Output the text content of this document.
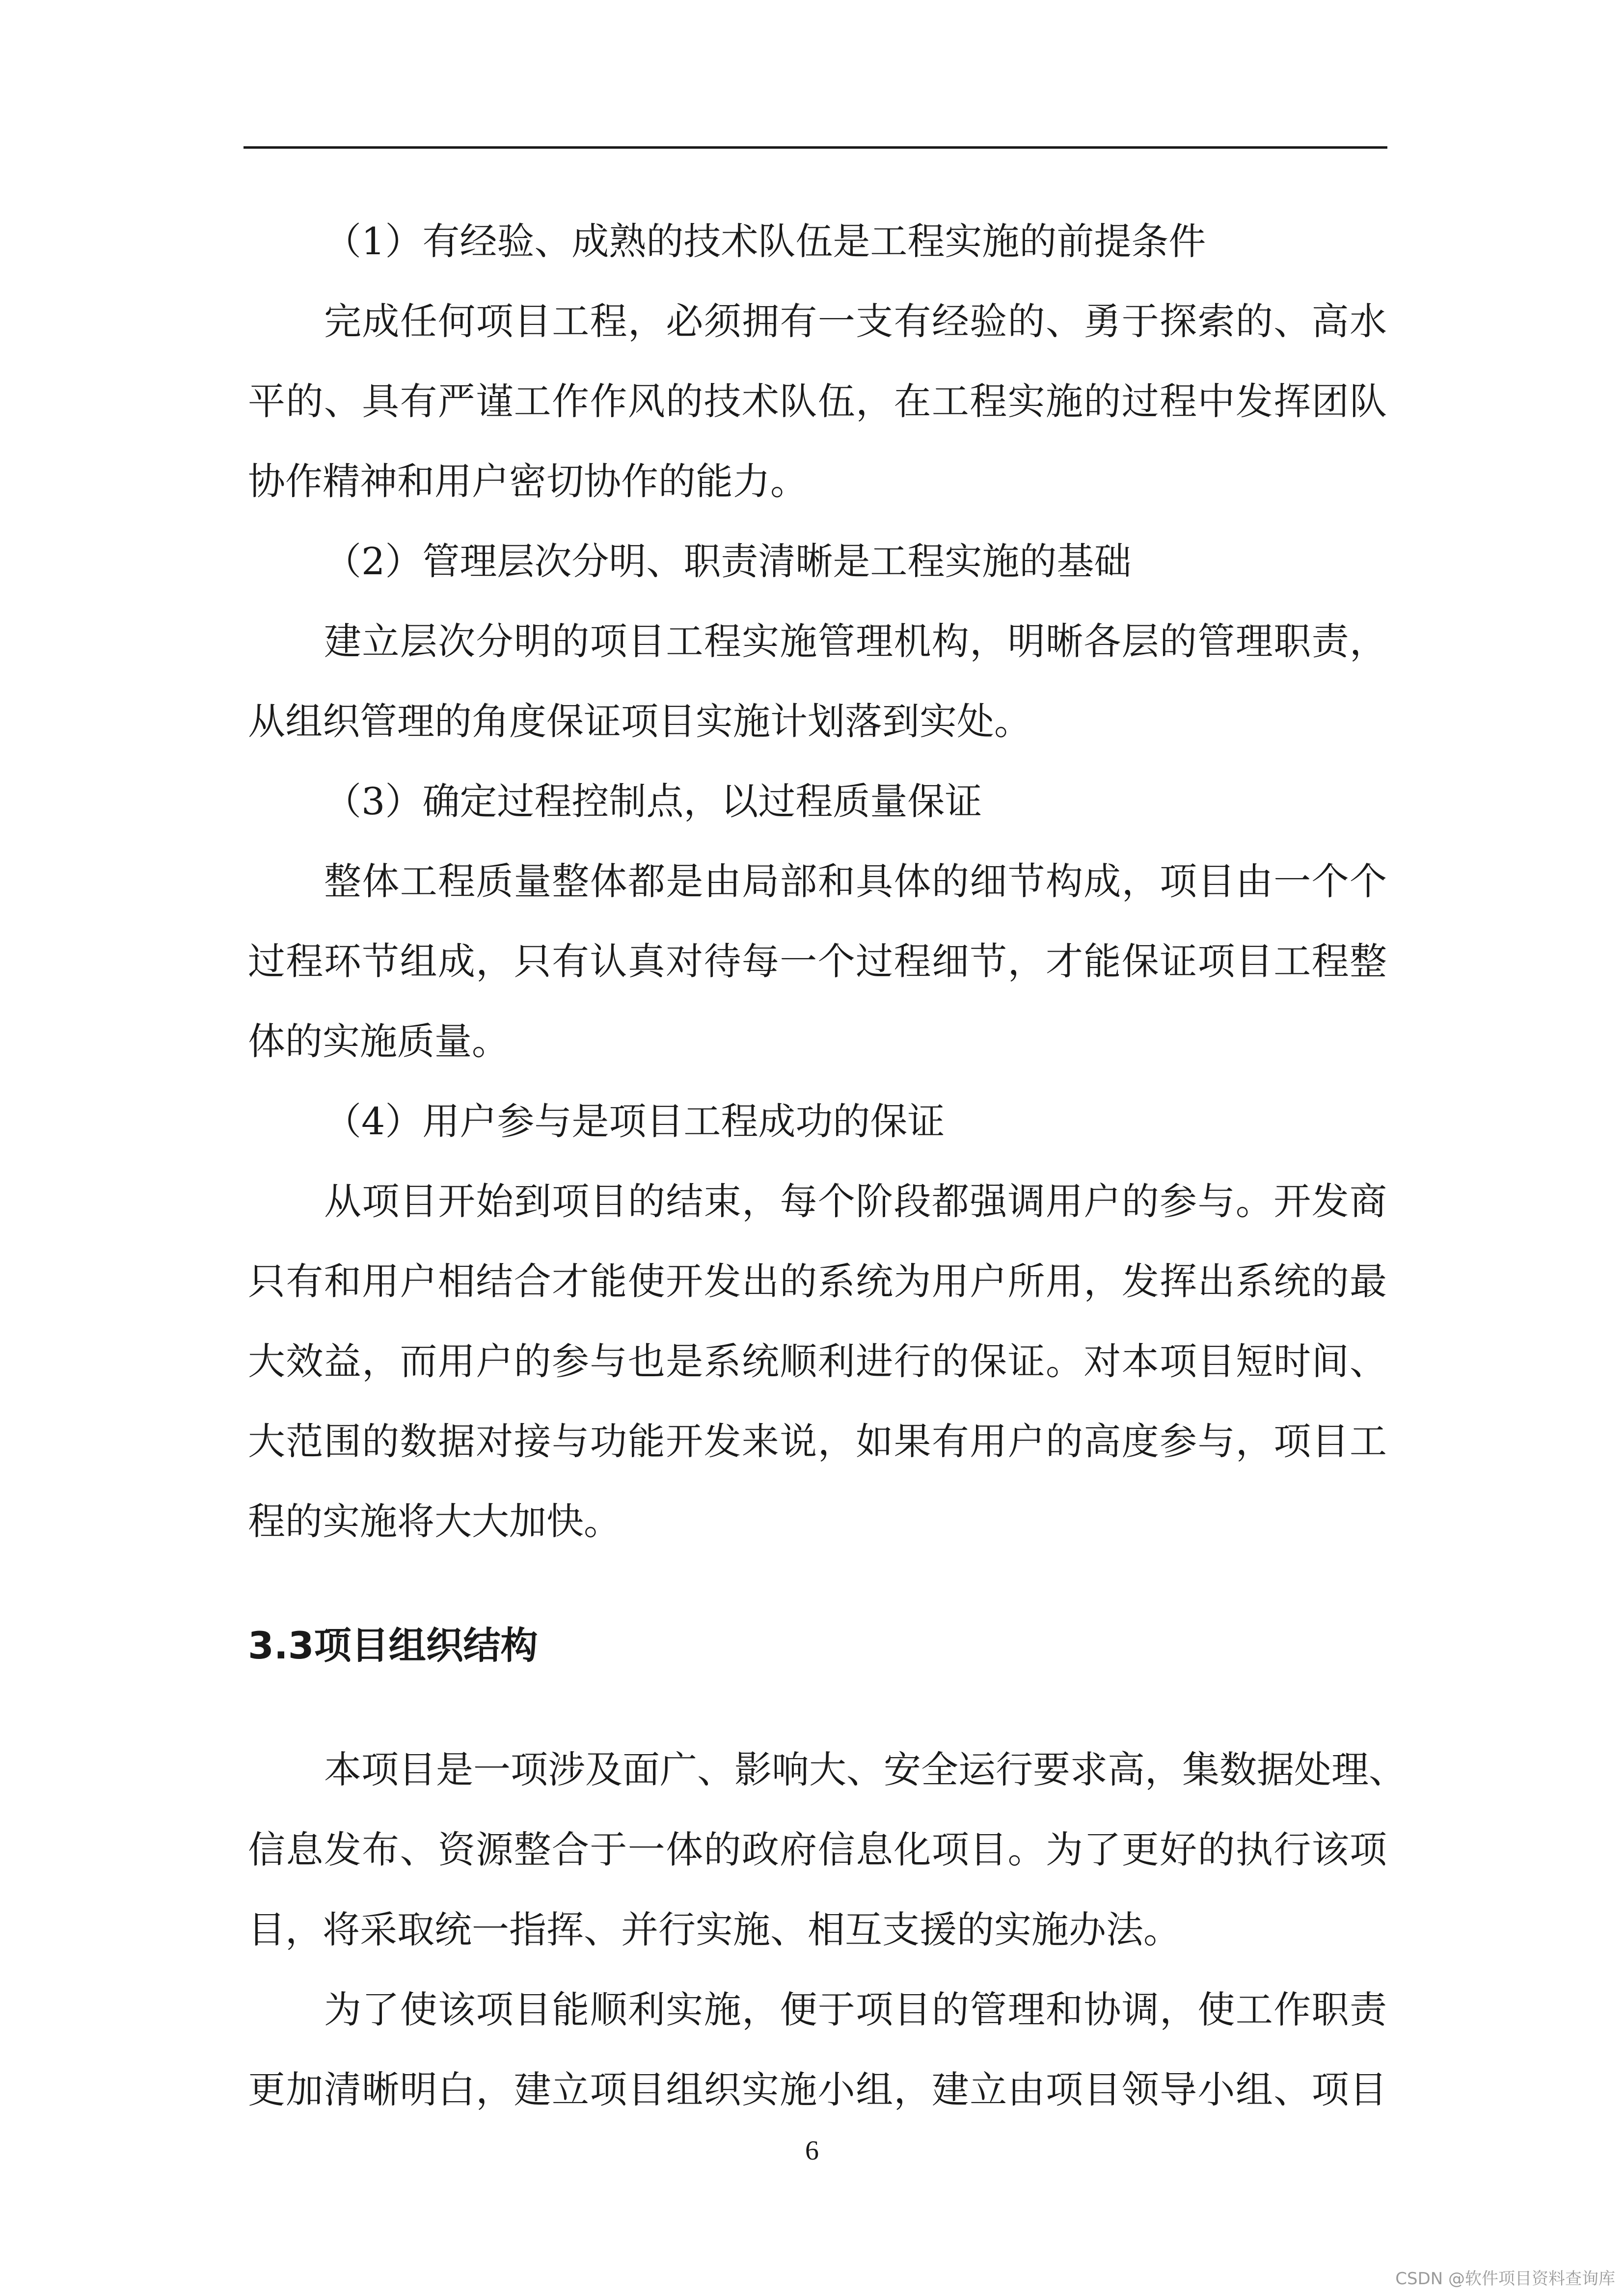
（1）有经验、成熟的技术队伍是工程实施的前提条件
完成任何项目工程，必须拥有一支有经验的、勇于探索的、高水
平的、具有严谨工作作风的技术队伍，在工程实施的过程中发挥团队
协作精神和用户密切协作的能力。
（2）管理层次分明、职责清晰是工程实施的基础
建立层次分明的项目工程实施管理机构，明晰各层的管理职责，
从组织管理的角度保证项目实施计划落到实处。
（3）确定过程控制点，以过程质量保证
整体工程质量整体都是由局部和具体的细节构成，项目由一个个
过程环节组成，只有认真对待每一个过程细节，才能保证项目工程整
体的实施质量。
（4）用户参与是项目工程成功的保证
从项目开始到项目的结束，每个阶段都强调用户的参与。开发商
只有和用户相结合才能使开发出的系统为用户所用，发挥出系统的最
大效益，而用户的参与也是系统顺利进行的保证。对本项目短时间、
大范围的数据对接与功能开发来说，如果有用户的高度参与，项目工
程的实施将大大加快。
3.3项目组织结构
本项目是一项涉及面广、影响大、安全运行要求高，集数据处理、
信息发布、资源整合于一体的政府信息化项目。为了更好的执行该项
目，将采取统一指挥、并行实施、相互支援的实施办法。
为了使该项目能顺利实施，便于项目的管理和协调，使工作职责
更加清晰明白，建立项目组织实施小组，建立由项目领导小组、项目
6
CSDN @软件项目资料查询库
